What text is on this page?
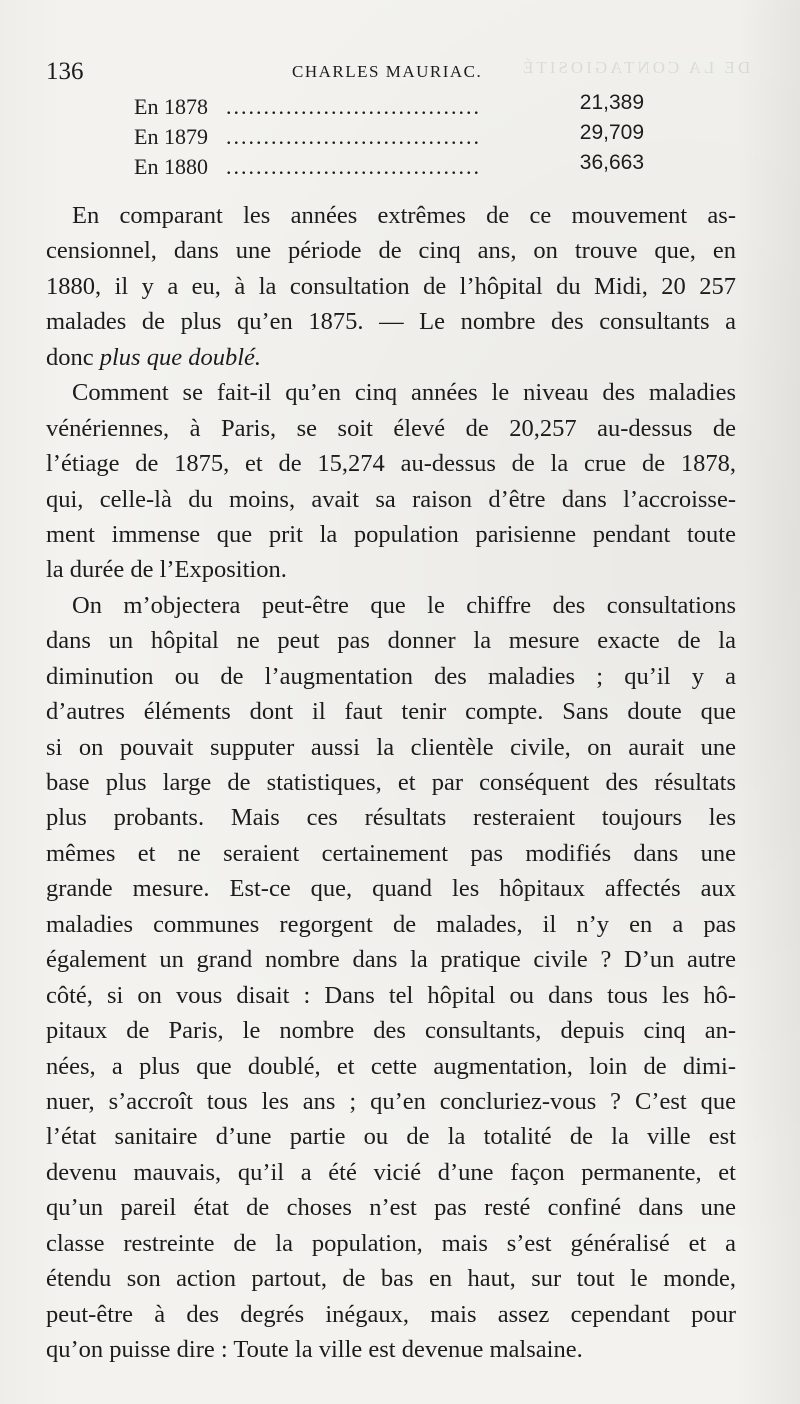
DE LA CONTAGIOSITÉ
136	CHARLES MAURIAC.
En 1878 ..................................	21,389
En 1879 ..................................	29,709
En 1880 ..................................	36,663
En comparant les années extrêmes de ce mouvement as-
censionnel, dans une période de cinq ans, on trouve que, en
1880, il y a eu, à la consultation de l’hôpital du Midi, 20 257
malades de plus qu’en 1875. — Le nombre des consultants a
donc plus que doublé.
Comment se fait-il qu’en cinq années le niveau des maladies
vénériennes, à Paris, se soit élevé de 20,257 au-dessus de
l’étiage de 1875, et de 15,274 au-dessus de la crue de 1878,
qui, celle-là du moins, avait sa raison d’être dans l’accroisse-
ment immense que prit la population parisienne pendant toute
la durée de l’Exposition.
On m’objectera peut-être que le chiffre des consultations
dans un hôpital ne peut pas donner la mesure exacte de la
diminution ou de l’augmentation des maladies ; qu’il y a
d’autres éléments dont il faut tenir compte. Sans doute que
si on pouvait supputer aussi la clientèle civile, on aurait une
base plus large de statistiques, et par conséquent des résultats
plus probants. Mais ces résultats resteraient toujours les
mêmes et ne seraient certainement pas modifiés dans une
grande mesure. Est-ce que, quand les hôpitaux affectés aux
maladies communes regorgent de malades, il n’y en a pas
également un grand nombre dans la pratique civile ? D’un autre
côté, si on vous disait : Dans tel hôpital ou dans tous les hô-
pitaux de Paris, le nombre des consultants, depuis cinq an-
nées, a plus que doublé, et cette augmentation, loin de dimi-
nuer, s’accroît tous les ans ; qu’en concluriez-vous ? C’est que
l’état sanitaire d’une partie ou de la totalité de la ville est
devenu mauvais, qu’il a été vicié d’une façon permanente, et
qu’un pareil état de choses n’est pas resté confiné dans une
classe restreinte de la population, mais s’est généralisé et a
étendu son action partout, de bas en haut, sur tout le monde,
peut-être à des degrés inégaux, mais assez cependant pour
qu’on puisse dire : Toute la ville est devenue malsaine.
